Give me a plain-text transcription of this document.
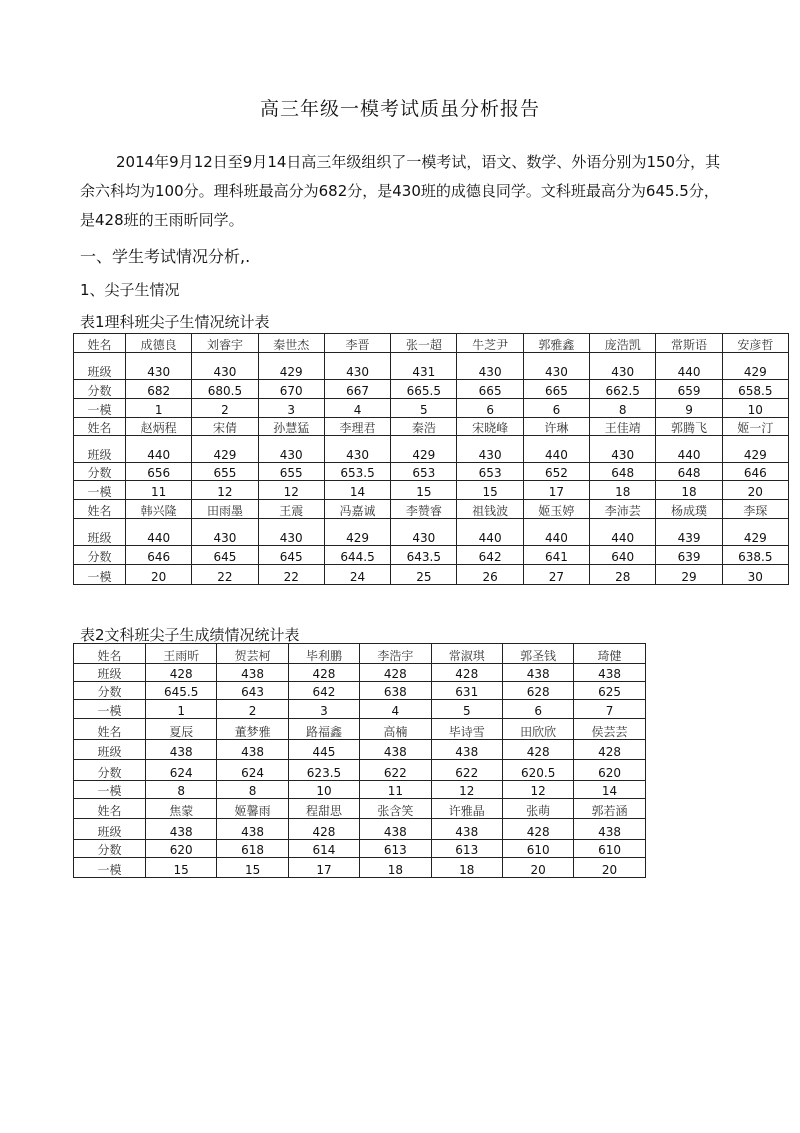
高三年级一模考试质虽分析报告
2014年9月12日至9月14日高三年级组织了一模考试，语文、数学、外语分别为150分，其余六科均为100分。理科班最高分为682分，是430班的成德良同学。文科班最高分为645.5分，是428班的王雨昕同学。
一、学生考试情况分析,.
1、尖子生情况
表1理科班尖子生情况统计表
姓名	成德良	刘睿宇	秦世杰	李晋	张一超	牛芝尹	郭雅鑫	庞浩凯	常斯语	安彦哲
班级	430	430	429	430	431	430	430	430	440	429
分数	682	680.5	670	667	665.5	665	665	662.5	659	658.5
一模	1	2	3	4	5	6	6	8	9	10
姓名	赵炳程	宋倩	孙慧猛	李理君	秦浩	宋晓峰	许琳	王佳靖	郭腾飞	姬一汀
班级	440	429	430	430	429	430	440	430	440	429
分数	656	655	655	653.5	653	653	652	648	648	646
一模	11	12	12	14	15	15	17	18	18	20
姓名	韩兴隆	田雨墨	王震	冯嘉诚	李赞睿	祖钱波	姬玉婷	李沛芸	杨成璞	李琛
班级	440	430	430	429	430	440	440	440	439	429
分数	646	645	645	644.5	643.5	642	641	640	639	638.5
一模	20	22	22	24	25	26	27	28	29	30
表2文科班尖子生成绩情况统计表
姓名	王雨昕	贺芸柯	毕利鹏	李浩宇	常淑琪	郭圣钱	琦健
班级	428	438	428	428	428	438	438
分数	645.5	643	642	638	631	628	625
一模	1	2	3	4	5	6	7
姓名	夏辰	董梦雅	路福鑫	高楠	毕诗雪	田欣欣	侯芸芸
班级	438	438	445	438	438	428	428
分数	624	624	623.5	622	622	620.5	620
一模	8	8	10	11	12	12	14
姓名	焦蒙	姬馨雨	程甜思	张含笑	许雅晶	张萌	郭若涵
班级	438	438	428	438	438	428	438
分数	620	618	614	613	613	610	610
一模	15	15	17	18	18	20	20
